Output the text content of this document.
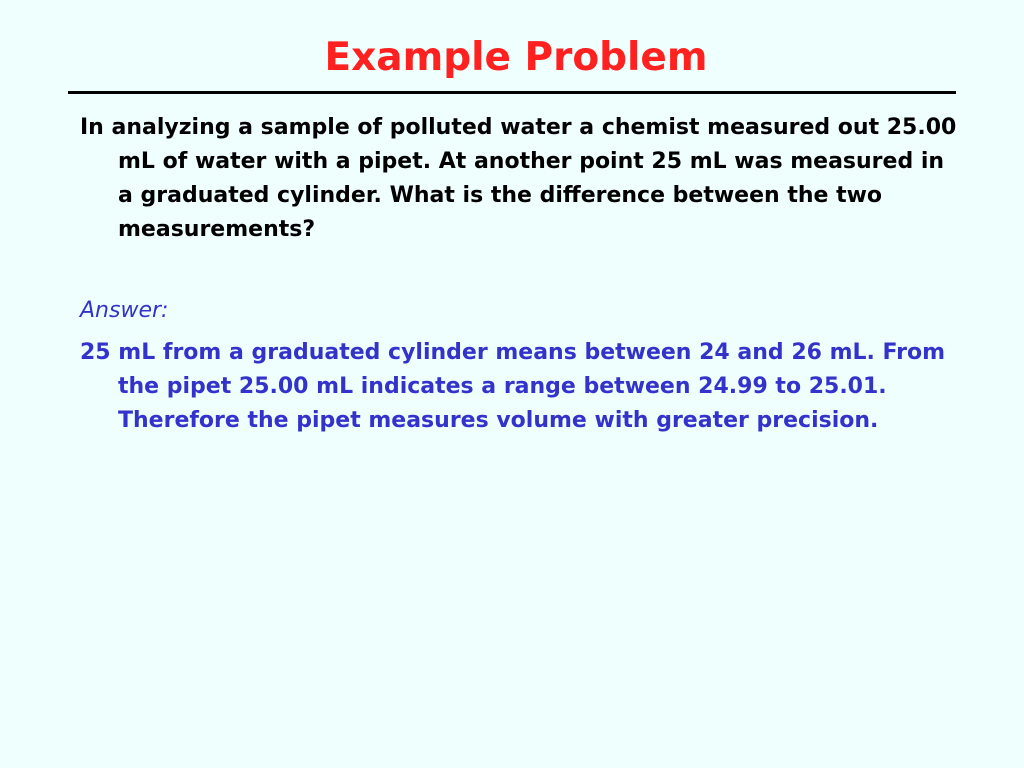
Example Problem

In analyzing a sample of polluted water a chemist measured out 25.00 mL of water with a pipet. At another point 25 mL was measured in a graduated cylinder. What is the difference between the two measurements?

Answer:

25 mL from a graduated cylinder means between 24 and 26 mL. From the pipet 25.00 mL indicates a range between 24.99 to 25.01. Therefore the pipet measures volume with greater precision.
